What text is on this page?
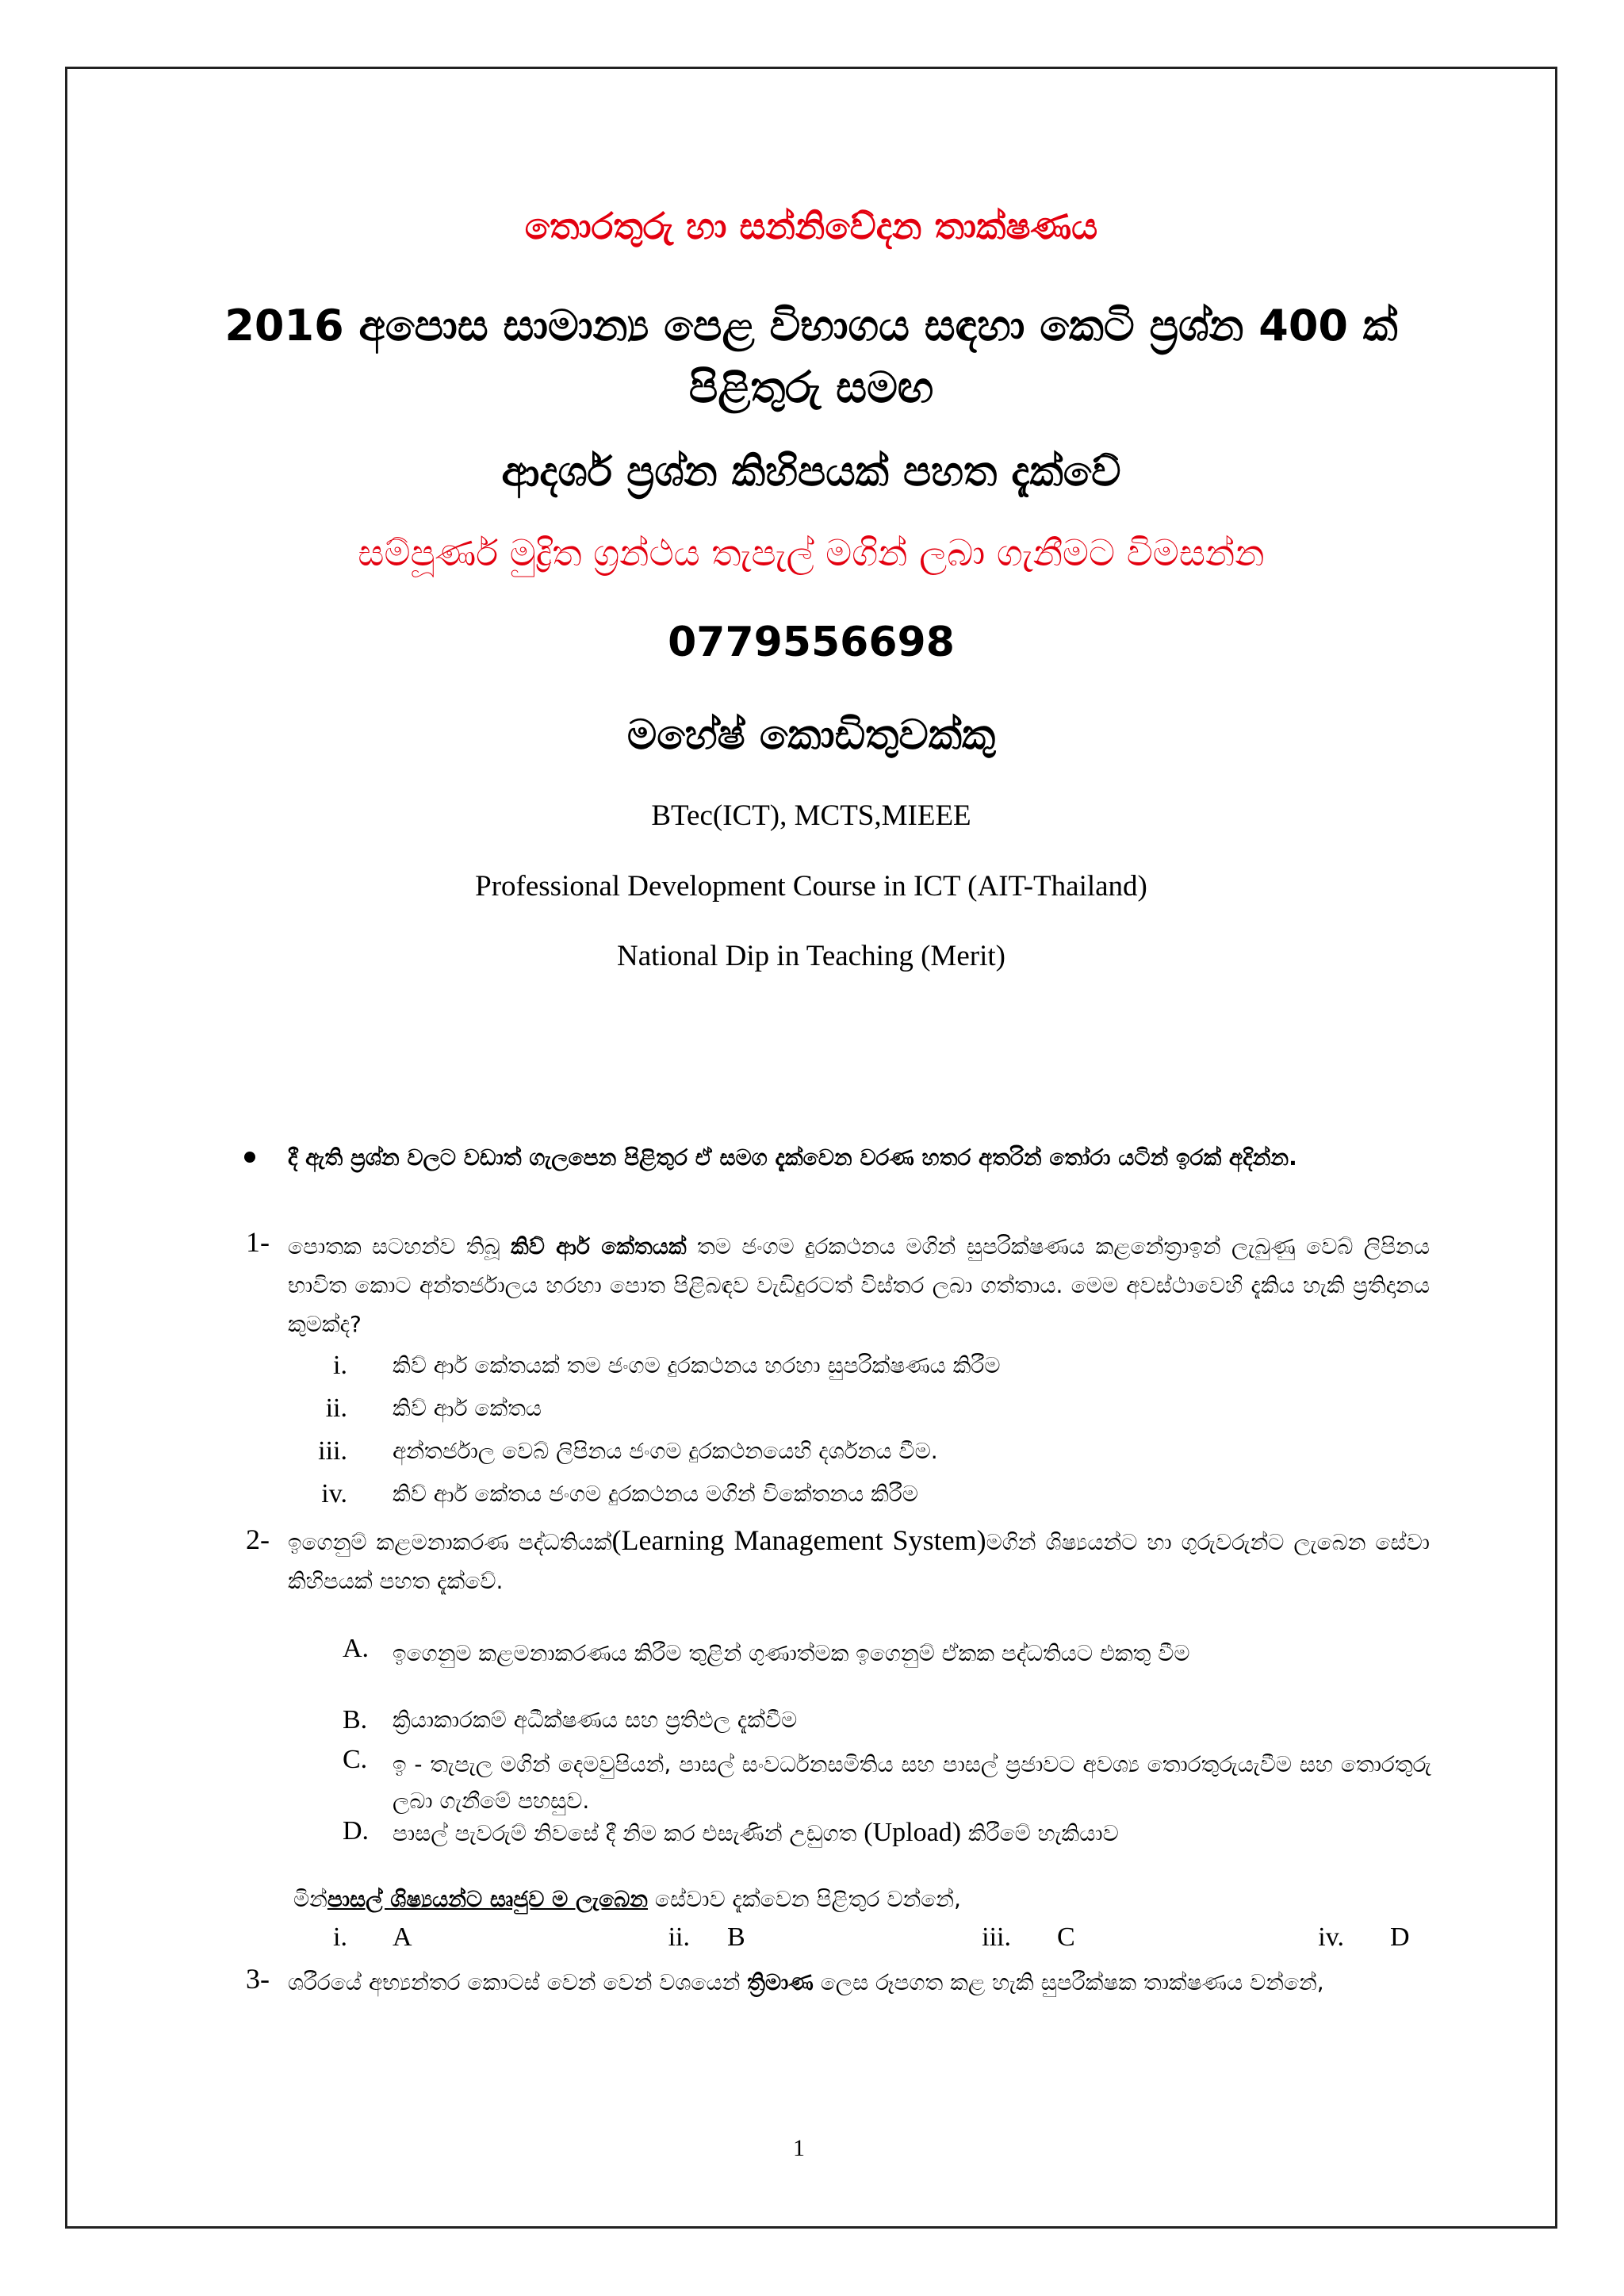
තොරතුරු හා සන්නිවේදන තාක්ෂණය
2016 අපොස සාමාන්‍ය පෙළ විභාගය සඳහා කෙටි ප්‍රශ්න 400 ක්
පිළිතුරු සමඟ
ආදර්ශ ප්‍රශ්න කිහිපයක් පහත දැක්වේ
සම්පූර්ණ මුද්‍රිත ග්‍රන්ථය තැපැල් මගින් ලබා ගැනීමට විමසන්න
0779556698
මහේෂ් කොඩිතුවක්කු
BTec(ICT), MCTS,MIEEE
Professional Development Course in ICT (AIT-Thailand)
National Dip in Teaching (Merit)
දී ඇති ප්‍රශ්න වලට වඩාත් ගැලපෙන පිළිතුර ඒ සමග දැක්වෙන වරණ හතර අතරින් තෝරා යටින් ඉරක් අදින්න.
1- පොතක සටහන්ව තිබූ කිව් ආර් කේතයක් තම ජංගම දුරකථනය මගින් සුපරික්ෂණය කළනේත්‍රාඉන් ලැබුණු වෙබ් ලිපිනය භාවිත කොට අන්තර්ජාලය හරහා පොත පිළිබඳව වැඩිදුරටත් විස්තර ලබා ගත්තාය. මෙම අවස්ථාවෙහි දැකිය හැකි ප්‍රතිදානය කුමක්ද?
i. කිව් ආර් කේතයක් තම ජංගම දුරකථනය හරහා සුපරික්ෂණය කිරීම
ii. කිව් ආර් කේතය
iii. අන්තර්ජාල වෙබ් ලිපිනය ජංගම දුරකථනයෙහි දර්ශනය වීම.
iv. කිව් ආර් කේතය ජංගම දුරකථනය මගින් විකේතනය කිරීම
2- ඉගෙනුම් කළමනාකරණ පද්ධතියක්(Learning Management System)මගින් ශිෂ්‍යයන්ට හා ගුරුවරුන්ට ලැබෙන සේවා කිහිපයක් පහත දැක්වේ.
A. ඉගෙනුම කළමනාකරණය කිරීම තුළින් ගුණාත්මක ඉගෙනුම් ඒකක පද්ධතියට එකතු වීම
B. ක්‍රියාකාරකම් අධීක්ෂණය සහ ප්‍රතිඵල දැක්වීම
C. ඉ - තැපැල මගින් දෙමවුපියන්, පාසල් සංවර්ධනසමිතිය සහ පාසල් ප්‍රජාවට අවශ්‍ය තොරතුරුයැවීම සහ තොරතුරු ලබා ගැනීමේ පහසුව.
D. පාසල් පැවරුම් නිවසේ දී නිම කර එසැණින් උඩුගත (Upload) කිරීමේ හැකියාව
මින්පාසල් ශිෂ්‍යයන්ට සෘජුව ම ලැබෙන සේවාව දැක්වෙන පිළිතුර වන්නේ,
i. A	ii. B	iii. C	iv. D
3- ශරීරයේ අභ්‍යන්තර කොටස් වෙන් වෙන් වශයෙන් ත්‍රිමාණ ලෙස රූපගත කළ හැකි සුපරීක්ෂක තාක්ෂණය වන්නේ,
1
